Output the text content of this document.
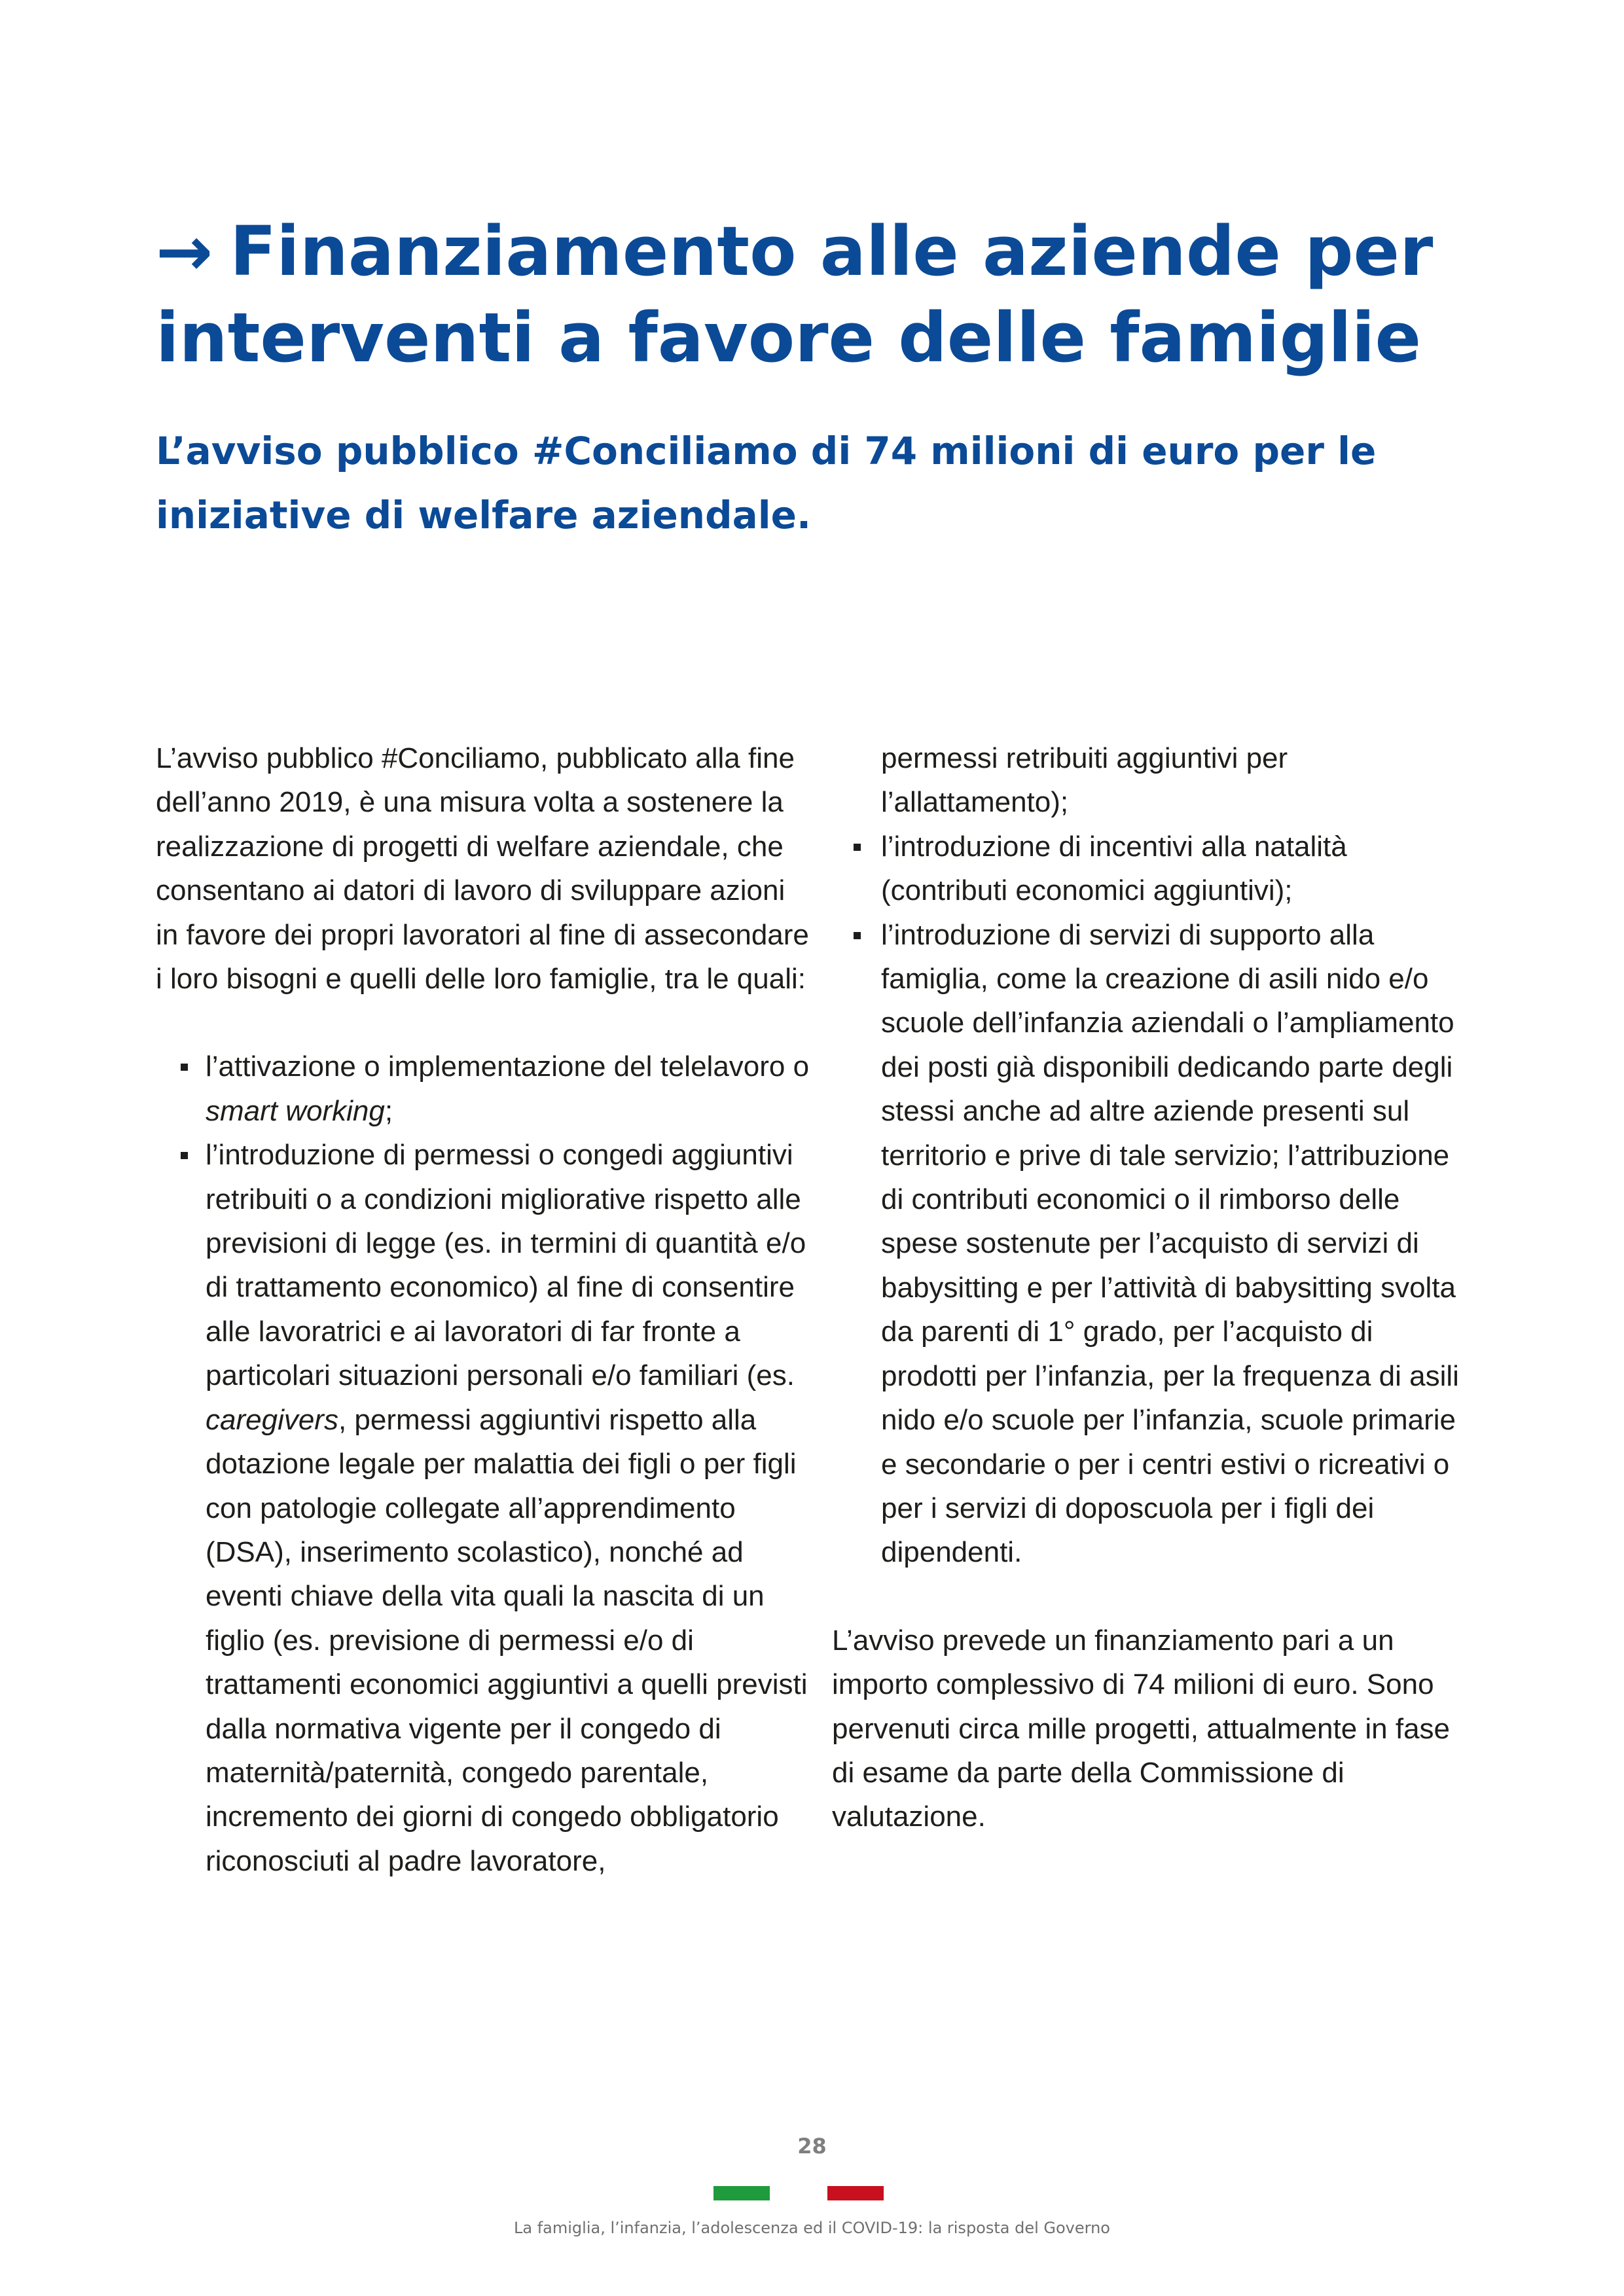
→ Finanziamento alle aziende per interventi a favore delle famiglie
L’avviso pubblico #Conciliamo di 74 milioni di euro per le iniziative di welfare aziendale.

L’avviso pubblico #Conciliamo, pubblicato alla fine dell’anno 2019, è una misura volta a sostenere la realizzazione di progetti di welfare aziendale, che consentano ai datori di lavoro di sviluppare azioni in favore dei propri lavoratori al fine di assecondare i loro bisogni e quelli delle loro famiglie, tra le quali:

l’attivazione o implementazione del telelavoro o smart working;
l’introduzione di permessi o congedi aggiuntivi retribuiti o a condizioni migliorative rispetto alle previsioni di legge (es. in termini di quantità e/o di trattamento economico) al fine di consentire alle lavoratrici e ai lavoratori di far fronte a particolari situazioni personali e/o familiari (es. caregivers, permessi aggiuntivi rispetto alla dotazione legale per malattia dei figli o per figli con patologie collegate all’apprendimento (DSA), inserimento scolastico), nonché ad eventi chiave della vita quali la nascita di un figlio (es. previsione di permessi e/o di trattamenti economici aggiuntivi a quelli previsti dalla normativa vigente per il congedo di maternità/paternità, congedo parentale, incremento dei giorni di congedo obbligatorio riconosciuti al padre lavoratore,

permessi retribuiti aggiuntivi per l’allattamento);

l’introduzione di incentivi alla natalità (contributi economici aggiuntivi);
l’introduzione di servizi di supporto alla famiglia, come la creazione di asili nido e/o scuole dell’infanzia aziendali o l’ampliamento dei posti già disponibili dedicando parte degli stessi anche ad altre aziende presenti sul territorio e prive di tale servizio; l’attribuzione di contributi economici o il rimborso delle spese sostenute per l’acquisto di servizi di babysitting e per l’attività di babysitting svolta da parenti di 1° grado, per l’acquisto di prodotti per l’infanzia, per la frequenza di asili nido e/o scuole per l’infanzia, scuole primarie e secondarie o per i centri estivi o ricreativi o per i servizi di doposcuola per i figli dei dipendenti.

L’avviso prevede un finanziamento pari a un importo complessivo di 74 milioni di euro. Sono pervenuti circa mille progetti, attualmente in fase di esame da parte della Commissione di valutazione.

28
La famiglia, l’infanzia, l’adolescenza ed il COVID-19: la risposta del Governo
